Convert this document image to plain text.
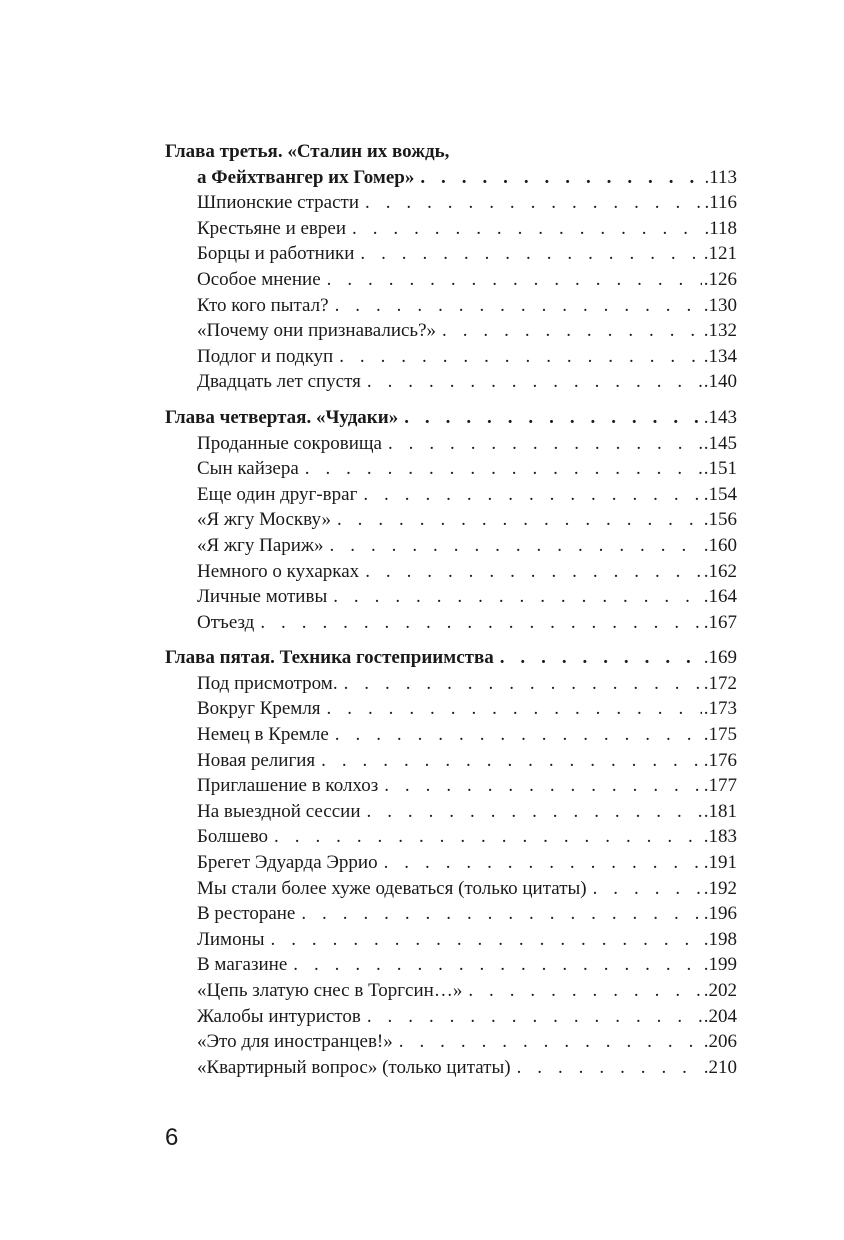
Глава третья. «Сталин их вождь,
а Фейхтвангер их Гомер» . . .	.113
Шпионские страсти . . .	.116
Крестьяне и евреи . . .	.118
Борцы и работники . . .	.121
Особое мнение . . .	.126
Кто кого пытал? . . .	.130
«Почему они признавались?» . . .	.132
Подлог и подкуп . . .	.134
Двадцать лет спустя . . .	.140
Глава четвертая. «Чудаки» . . .	.143
Проданные сокровища . . .	.145
Сын кайзера . . .	.151
Еще один друг-враг . . .	.154
«Я жгу Москву» . . .	.156
«Я жгу Париж» . . .	.160
Немного о кухарках . . .	.162
Личные мотивы . . .	.164
Отъезд . . .	.167
Глава пятая. Техника гостеприимства . . .	.169
Под присмотром. . . .	.172
Вокруг Кремля . . .	.173
Немец в Кремле . . .	.175
Новая религия . . .	.176
Приглашение в колхоз . . .	.177
На выездной сессии . . .	.181
Болшево . . .	.183
Брегет Эдуарда Эррио . . .	.191
Мы стали более хуже одеваться (только цитаты) . . .	.192
В ресторане . . .	.196
Лимоны . . .	.198
В магазине . . .	.199
«Цепь златую снес в Торгсин…» . . .	.202
Жалобы интуристов . . .	.204
«Это для иностранцев!» . . .	.206
«Квартирный вопрос» (только цитаты) . . .	.210
6
